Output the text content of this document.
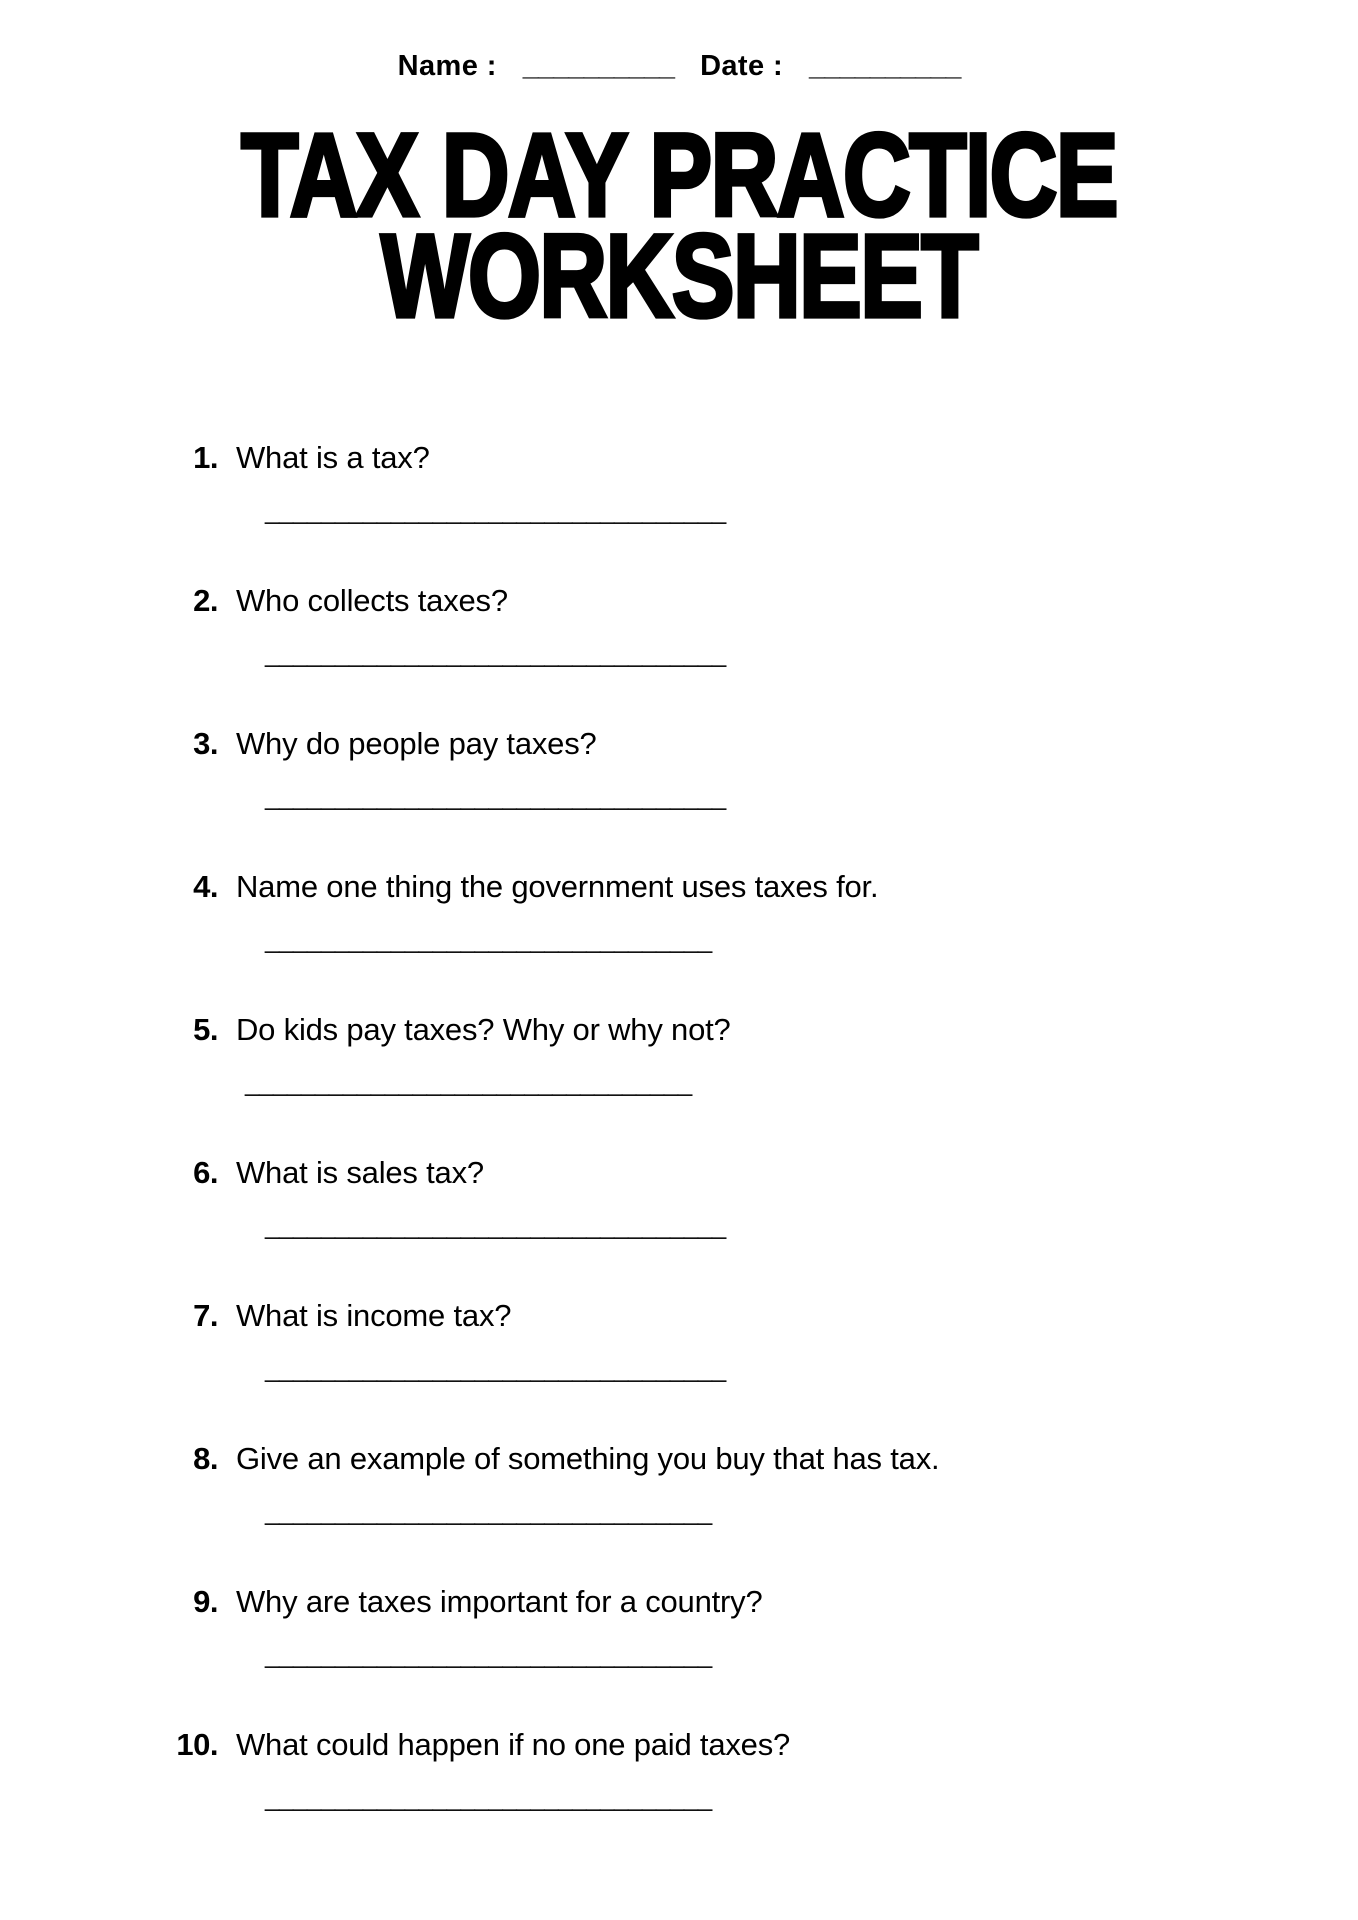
Name : __________ Date : __________
TAX DAY PRACTICE
WORKSHEET
1. What is a tax?
_________________________________
2. Who collects taxes?
_________________________________
3. Why do people pay taxes?
_________________________________
4. Name one thing the government uses taxes for.
________________________________
5. Do kids pay taxes? Why or why not?
________________________________
6. What is sales tax?
_________________________________
7. What is income tax?
_________________________________
8. Give an example of something you buy that has tax.
________________________________
9. Why are taxes important for a country?
________________________________
10. What could happen if no one paid taxes?
________________________________
